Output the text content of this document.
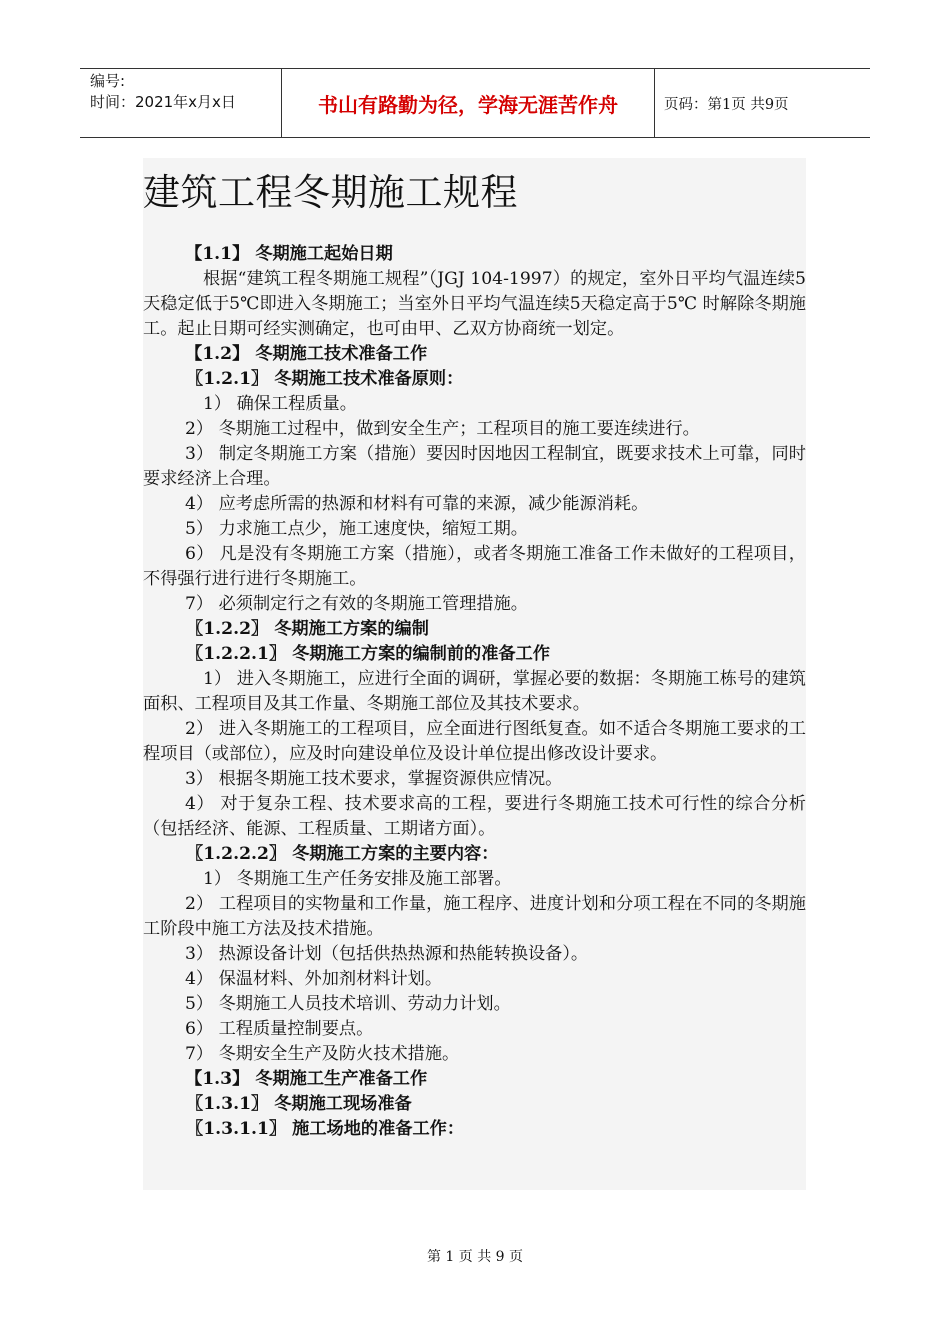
编号:
时间：2021年x月x日	书山有路勤为径，学海无涯苦作舟	页码：第1页 共9页
建筑工程冬期施工规程

【1.1】 冬期施工起始日期

根据“建筑工程冬期施工规程”（JGJ 104-1997）的规定，室外日平均气温连续5天稳定低于5℃即进入冬期施工；当室外日平均气温连续5天稳定高于5℃ 时解除冬期施工。起止日期可经实测确定，也可由甲、乙双方协商统一划定。

【1.2】 冬期施工技术准备工作

〖1.2.1〗 冬期施工技术准备原则：

1） 确保工程质量。

2） 冬期施工过程中，做到安全生产；工程项目的施工要连续进行。

3） 制定冬期施工方案（措施）要因时因地因工程制宜，既要求技术上可靠，同时要求经济上合理。

4） 应考虑所需的热源和材料有可靠的来源，减少能源消耗。

5） 力求施工点少，施工速度快，缩短工期。

6） 凡是没有冬期施工方案（措施），或者冬期施工准备工作未做好的工程项目，不得强行进行进行冬期施工。

7） 必须制定行之有效的冬期施工管理措施。

〖1.2.2〗 冬期施工方案的编制

〖1.2.2.1〗 冬期施工方案的编制前的准备工作

1） 进入冬期施工，应进行全面的调研，掌握必要的数据：冬期施工栋号的建筑面积、工程项目及其工作量、冬期施工部位及其技术要求。

2） 进入冬期施工的工程项目，应全面进行图纸复查。如不适合冬期施工要求的工程项目（或部位），应及时向建设单位及设计单位提出修改设计要求。

3） 根据冬期施工技术要求，掌握资源供应情况。

4） 对于复杂工程、技术要求高的工程，要进行冬期施工技术可行性的综合分析（包括经济、能源、工程质量、工期诸方面）。

〖1.2.2.2〗 冬期施工方案的主要内容：

1） 冬期施工生产任务安排及施工部署。

2） 工程项目的实物量和工作量，施工程序、进度计划和分项工程在不同的冬期施工阶段中施工方法及技术措施。

3） 热源设备计划（包括供热热源和热能转换设备）。

4） 保温材料、外加剂材料计划。

5） 冬期施工人员技术培训、劳动力计划。

6） 工程质量控制要点。

7） 冬期安全生产及防火技术措施。

【1.3】 冬期施工生产准备工作

〖1.3.1〗 冬期施工现场准备

〖1.3.1.1〗 施工场地的准备工作：

第 1 页 共 9 页
